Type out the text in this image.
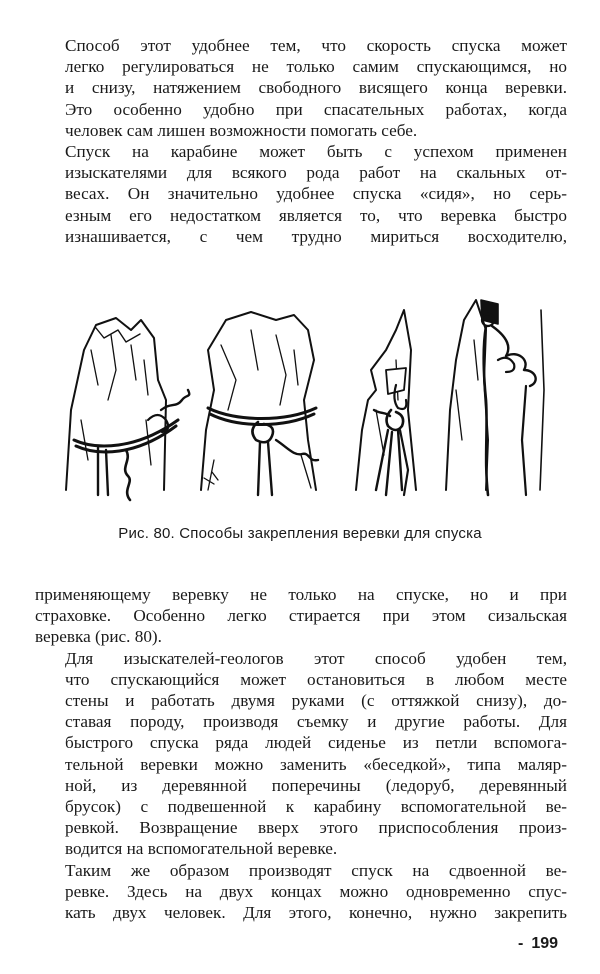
Способ этот удобнее тем, что скорость спуска может
легко регулироваться не только самим спускающимся, но
и снизу, натяжением свободного висящего конца веревки.
Это особенно удобно при спасательных работах, когда
человек сам лишен возможности помогать себе.

Спуск на карабине может быть с успехом применен
изыскателями для всякого рода работ на скальных от-
весах. Он значительно удобнее спуска «сидя», но серь-
езным его недостатком является то, что веревка быстро
изнашивается, с чем трудно мириться восходителю,

Рис. 80. Способы закрепления веревки для спуска

применяющему веревку не только на спуске, но и при
страховке. Особенно легко стирается при этом сизальская
веревка (рис. 80).

Для изыскателей-геологов этот способ удобен тем,
что спускающийся может остановиться в любом месте
стены и работать двумя руками (с оттяжкой снизу), до-
ставая породу, производя съемку и другие работы. Для
быстрого спуска ряда людей сиденье из петли вспомога-
тельной веревки можно заменить «беседкой», типа маляр-
ной, из деревянной поперечины (ледоруб, деревянный
брусок) с подвешенной к карабину вспомогательной ве-
ревкой. Возвращение вверх этого приспособления произ-
водится на вспомогательной веревке.

Таким же образом производят спуск на сдвоенной ве-
ревке. Здесь на двух концах можно одновременно спус-
кать двух человек. Для этого, конечно, нужно закрепить

- 199
